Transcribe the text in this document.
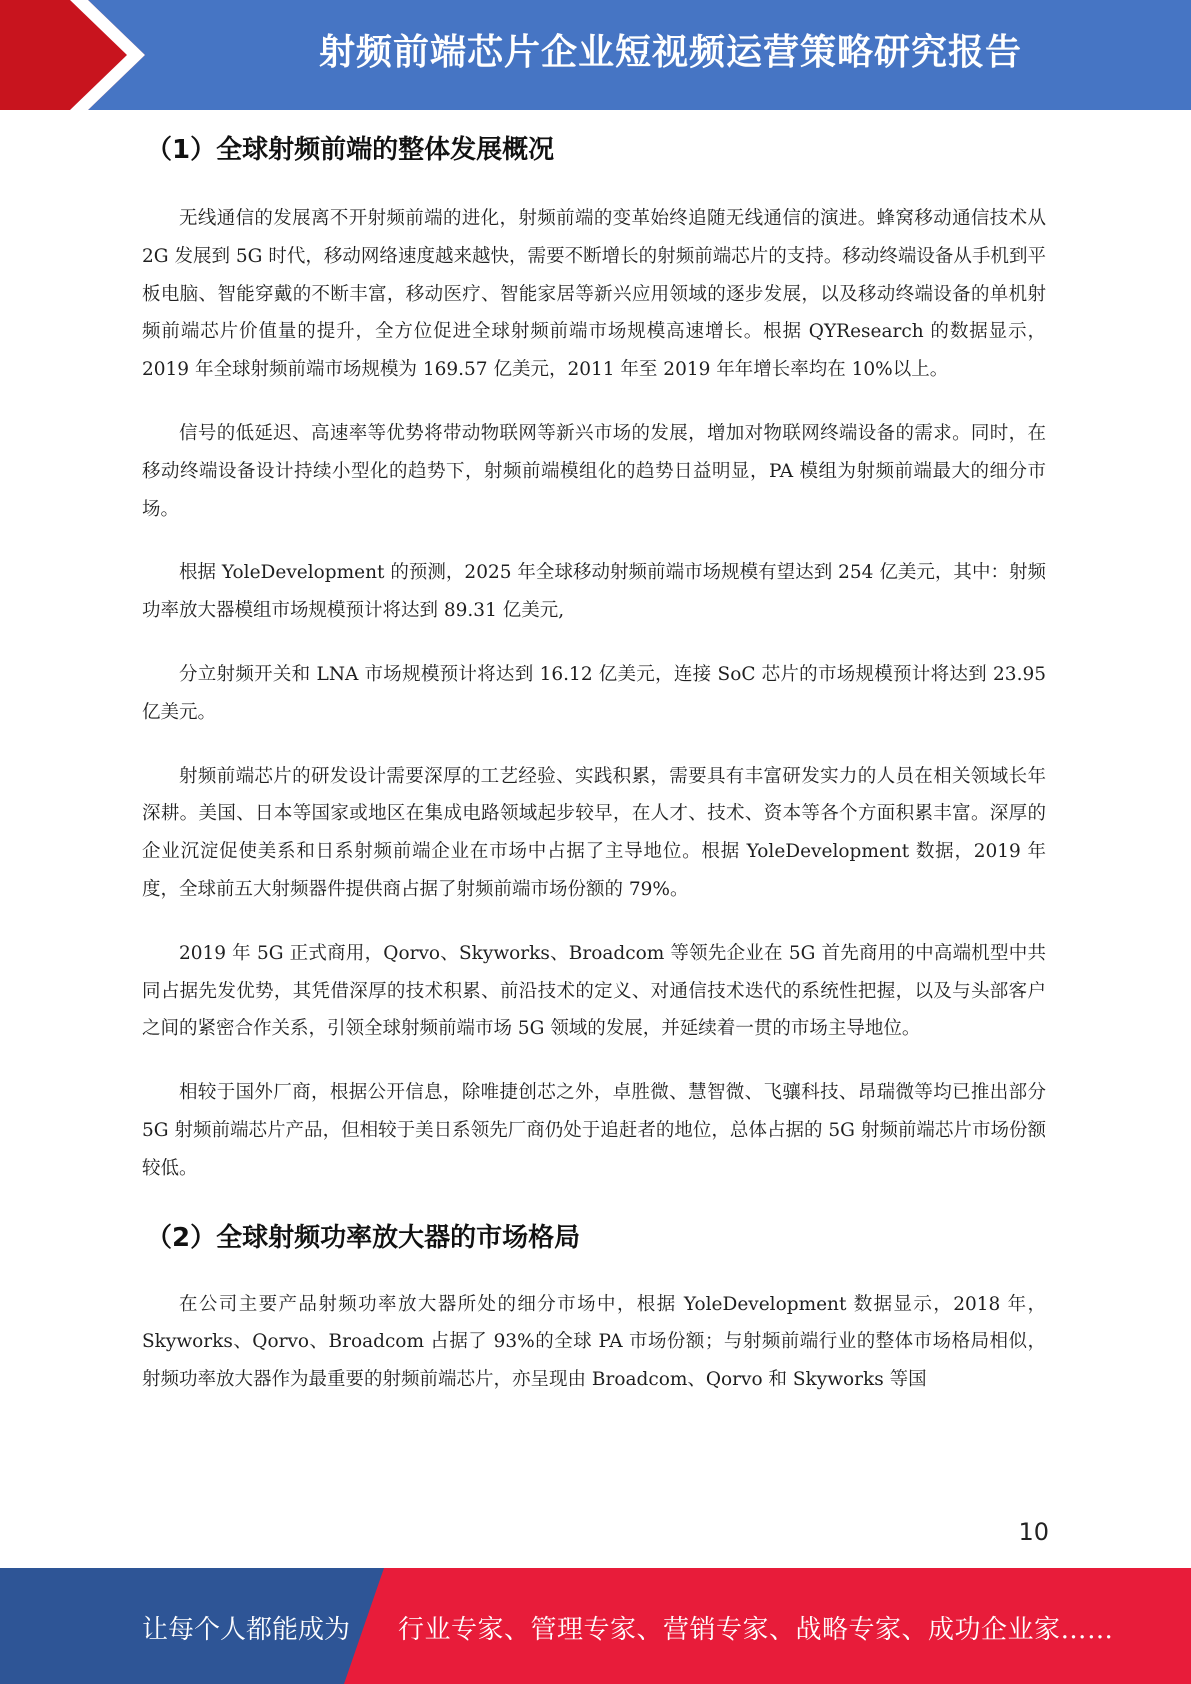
射频前端芯片企业短视频运营策略研究报告
（1）全球射频前端的整体发展概况

无线通信的发展离不开射频前端的进化，射频前端的变革始终追随无线通信的演进。蜂窝移动通信技术从 2G 发展到 5G 时代，移动网络速度越来越快，需要不断增长的射频前端芯片的支持。移动终端设备从手机到平板电脑、智能穿戴的不断丰富，移动医疗、智能家居等新兴应用领域的逐步发展，以及移动终端设备的单机射频前端芯片价值量的提升，全方位促进全球射频前端市场规模高速增长。根据 QYResearch 的数据显示，2019 年全球射频前端市场规模为 169.57 亿美元，2011 年至 2019 年年增长率均在 10%以上。

信号的低延迟、高速率等优势将带动物联网等新兴市场的发展，增加对物联网终端设备的需求。同时，在移动终端设备设计持续小型化的趋势下，射频前端模组化的趋势日益明显，PA 模组为射频前端最大的细分市场。

根据 YoleDevelopment 的预测，2025 年全球移动射频前端市场规模有望达到 254 亿美元，其中：射频功率放大器模组市场规模预计将达到 89.31 亿美元,

分立射频开关和 LNA 市场规模预计将达到 16.12 亿美元，连接 SoC 芯片的市场规模预计将达到 23.95 亿美元。

射频前端芯片的研发设计需要深厚的工艺经验、实践积累，需要具有丰富研发实力的人员在相关领域长年深耕。美国、日本等国家或地区在集成电路领域起步较早，在人才、技术、资本等各个方面积累丰富。深厚的企业沉淀促使美系和日系射频前端企业在市场中占据了主导地位。根据 YoleDevelopment 数据，2019 年度，全球前五大射频器件提供商占据了射频前端市场份额的 79%。

2019 年 5G 正式商用，Qorvo、Skyworks、Broadcom 等领先企业在 5G 首先商用的中高端机型中共同占据先发优势，其凭借深厚的技术积累、前沿技术的定义、对通信技术迭代的系统性把握，以及与头部客户之间的紧密合作关系，引领全球射频前端市场 5G 领域的发展，并延续着一贯的市场主导地位。

相较于国外厂商，根据公开信息，除唯捷创芯之外，卓胜微、慧智微、飞骧科技、昂瑞微等均已推出部分 5G 射频前端芯片产品，但相较于美日系领先厂商仍处于追赶者的地位，总体占据的 5G 射频前端芯片市场份额较低。

（2）全球射频功率放大器的市场格局

在公司主要产品射频功率放大器所处的细分市场中，根据 YoleDevelopment 数据显示，2018 年，Skyworks、Qorvo、Broadcom 占据了 93%的全球 PA 市场份额；与射频前端行业的整体市场格局相似，射频功率放大器作为最重要的射频前端芯片，亦呈现由 Broadcom、Qorvo 和 Skyworks 等国

10
让每个人都能成为 行业专家、管理专家、营销专家、战略专家、成功企业家……
